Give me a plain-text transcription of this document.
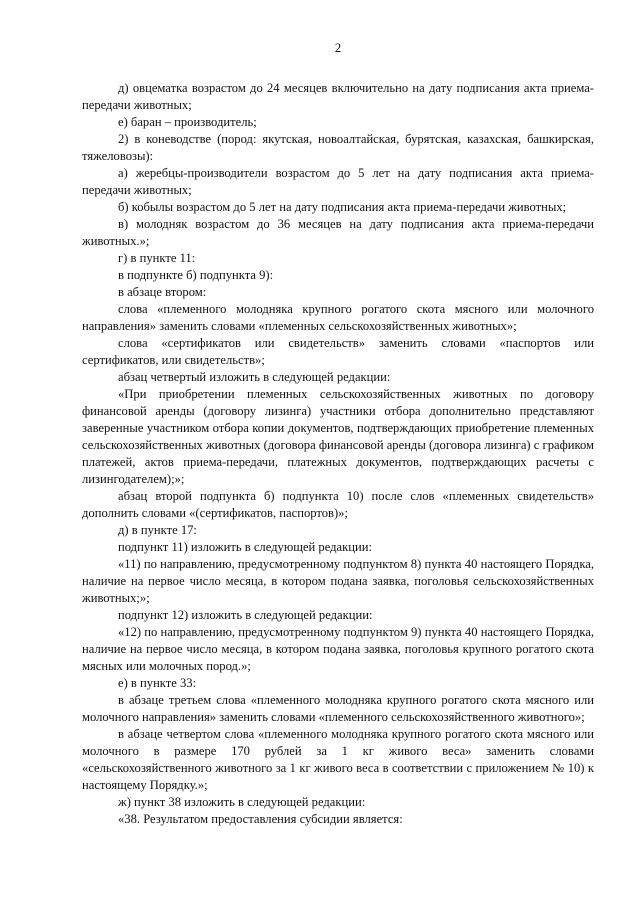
2

д) овцематка возрастом до 24 месяцев включительно на дату подписания акта приема-передачи животных;

е) баран – производитель;

2) в коневодстве (пород: якутская, новоалтайская, бурятская, казахская, башкирская, тяжеловозы):

а) жеребцы-производители возрастом до 5 лет на дату подписания акта приема-передачи животных;

б) кобылы возрастом до 5 лет на дату подписания акта приема-передачи животных;

в) молодняк возрастом до 36 месяцев на дату подписания акта приема-передачи животных.»;

г) в пункте 11:

в подпункте б) подпункта 9):

в абзаце втором:

слова «племенного молодняка крупного рогатого скота мясного или молочного направления» заменить словами «племенных сельскохозяйственных животных»;

слова «сертификатов или свидетельств» заменить словами «паспортов или сертификатов, или свидетельств»;

абзац четвертый изложить в следующей редакции:

«При приобретении племенных сельскохозяйственных животных по договору финансовой аренды (договору лизинга) участники отбора дополнительно представляют заверенные участником отбора копии документов, подтверждающих приобретение племенных сельскохозяйственных животных (договора финансовой аренды (договора лизинга) с графиком платежей, актов приема-передачи, платежных документов, подтверждающих расчеты с лизингодателем);»;

абзац второй подпункта б) подпункта 10) после слов «племенных свидетельств» дополнить словами «(сертификатов, паспортов)»;

д) в пункте 17:

подпункт 11) изложить в следующей редакции:

«11) по направлению, предусмотренному подпунктом 8) пункта 40 настоящего Порядка, наличие на первое число месяца, в котором подана заявка, поголовья сельскохозяйственных животных;»;

подпункт 12) изложить в следующей редакции:

«12) по направлению, предусмотренному подпунктом 9) пункта 40 настоящего Порядка, наличие на первое число месяца, в котором подана заявка, поголовья крупного рогатого скота мясных или молочных пород.»;

е) в пункте 33:

в абзаце третьем слова «племенного молодняка крупного рогатого скота мясного или молочного направления» заменить словами «племенного сельскохозяйственного животного»;

в абзаце четвертом слова «племенного молодняка крупного рогатого скота мясного или молочного в размере 170 рублей за 1 кг живого веса» заменить словами «сельскохозяйственного животного за 1 кг живого веса в соответствии с приложением № 10) к настоящему Порядку.»;

ж) пункт 38 изложить в следующей редакции:

«38. Результатом предоставления субсидии является:
